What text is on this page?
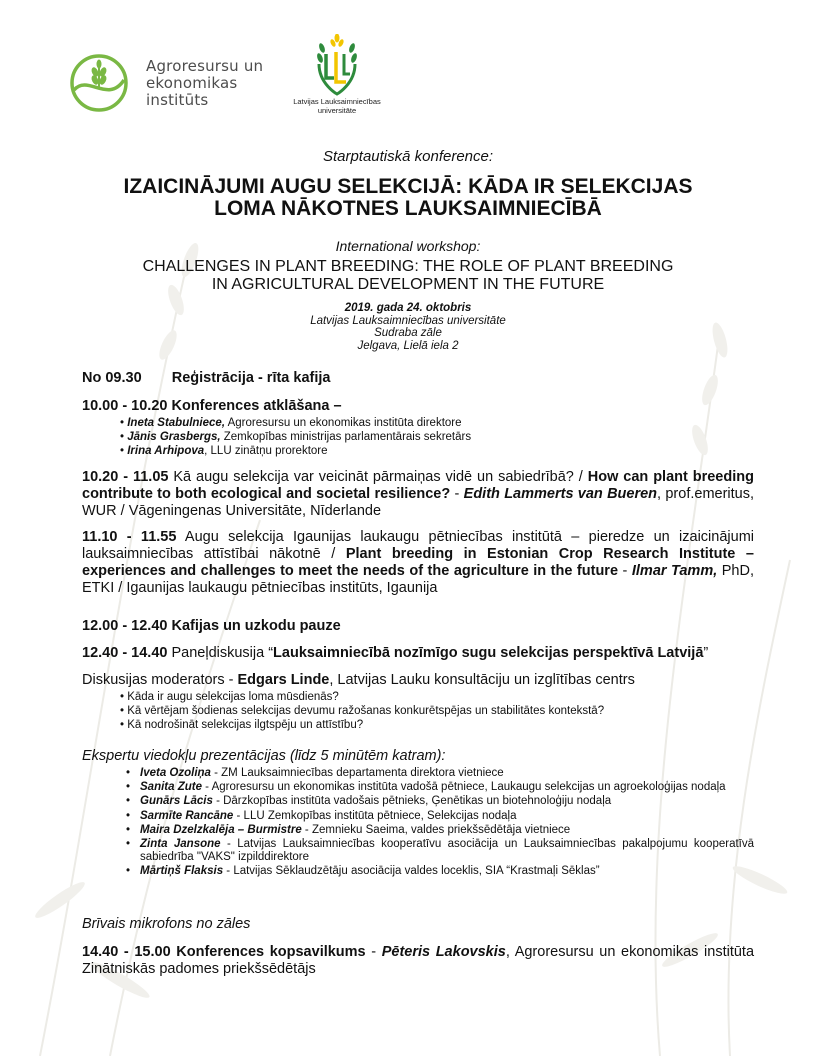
Agroresursu un
ekonomikas
institūts	Latvijas Lauksaimniecības
universitāte
Starptautiskā konference:
IZAICINĀJUMI AUGU SELEKCIJĀ: KĀDA IR SELEKCIJAS
LOMA NĀKOTNES LAUKSAIMNIECĪBĀ
International workshop:
CHALLENGES IN PLANT BREEDING: THE ROLE OF PLANT BREEDING
IN AGRICULTURAL DEVELOPMENT IN THE FUTURE
2019. gada 24. oktobris
Latvijas Lauksaimniecības universitāte
Sudraba zāle
Jelgava, Lielā iela 2
No 09.30 Reģistrācija - rīta kafija
10.00 - 10.20 Konferences atklāšana –
• Ineta Stabulniece, Agroresursu un ekonomikas institūta direktore
• Jānis Grasbergs, Zemkopības ministrijas parlamentārais sekretārs
• Irina Arhipova, LLU zinātņu prorektore
10.20 - 11.05 Kā augu selekcija var veicināt pārmaiņas vidē un sabiedrībā? / How can plant breeding contribute to both ecological and societal resilience? - Edith Lammerts van Bueren, prof.emeritus, WUR / Vāgeningenas Universitāte, Nīderlande
11.10 - 11.55 Augu selekcija Igaunijas laukaugu pētniecības institūtā – pieredze un izaicinājumi lauksaimniecības attīstībai nākotnē / Plant breeding in Estonian Crop Research Institute – experiences and challenges to meet the needs of the agriculture in the future - Ilmar Tamm, PhD, ETKI / Igaunijas laukaugu pētniecības institūts, Igaunija
12.00 - 12.40 Kafijas un uzkodu pauze
12.40 - 14.40 Paneļdiskusija “Lauksaimniecībā nozīmīgo sugu selekcijas perspektīvā Latvijā”
Diskusijas moderators - Edgars Linde, Latvijas Lauku konsultāciju un izglītības centrs
• Kāda ir augu selekcijas loma mūsdienās?
• Kā vērtējam šodienas selekcijas devumu ražošanas konkurētspējas un stabilitātes kontekstā?
• Kā nodrošināt selekcijas ilgtspēju un attīstību?
Ekspertu viedokļu prezentācijas (līdz 5 minūtēm katram):
• Iveta Ozoliņa - ZM Lauksaimniecības departamenta direktora vietniece
• Sanita Zute - Agroresursu un ekonomikas institūta vadošā pētniece, Laukaugu selekcijas un agroekoloģijas nodaļa
• Gunārs Lācis - Dārzkopības institūta vadošais pētnieks, Ģenētikas un biotehnoloģiju nodaļa
• Sarmīte Rancāne - LLU Zemkopības institūta pētniece, Selekcijas nodaļa
• Maira Dzelzkalēja – Burmistre - Zemnieku Saeima, valdes priekšsēdētāja vietniece
• Zinta Jansone - Latvijas Lauksaimniecības kooperatīvu asociācija un Lauksaimniecības pakalpojumu kooperatīvā sabiedrība "VAKS" izpilddirektore
• Mārtiņš Flaksis - Latvijas Sēklaudzētāju asociācija valdes loceklis, SIA “Krastmaļi Sēklas”
Brīvais mikrofons no zāles
14.40 - 15.00 Konferences kopsavilkums - Pēteris Lakovskis, Agroresursu un ekonomikas institūta Zinātniskās padomes priekšsēdētājs
